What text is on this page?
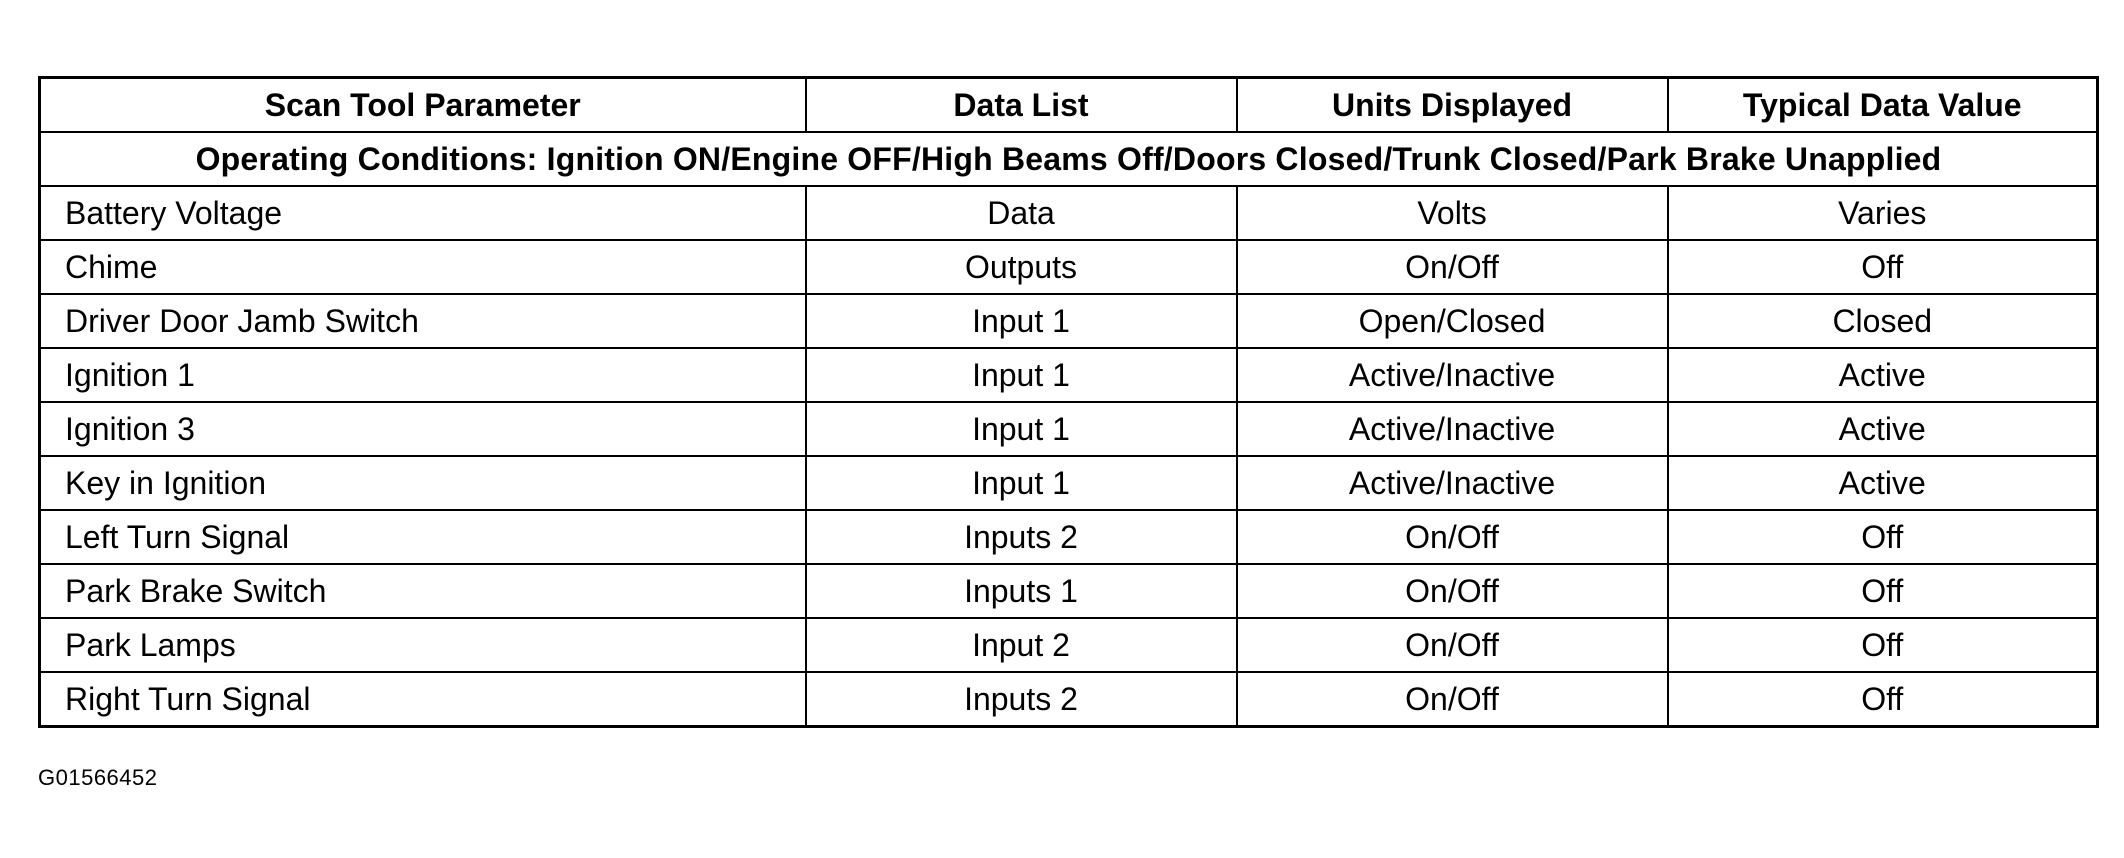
Scan Tool Parameter	Data List	Units Displayed	Typical Data Value
Operating Conditions: Ignition ON/Engine OFF/High Beams Off/Doors Closed/Trunk Closed/Park Brake Unapplied			
Battery Voltage	Data	Volts	Varies
Chime	Outputs	On/Off	Off
Driver Door Jamb Switch	Input 1	Open/Closed	Closed
Ignition 1	Input 1	Active/Inactive	Active
Ignition 3	Input 1	Active/Inactive	Active
Key in Ignition	Input 1	Active/Inactive	Active
Left Turn Signal	Inputs 2	On/Off	Off
Park Brake Switch	Inputs 1	On/Off	Off
Park Lamps	Input 2	On/Off	Off
Right Turn Signal	Inputs 2	On/Off	Off
G01566452
